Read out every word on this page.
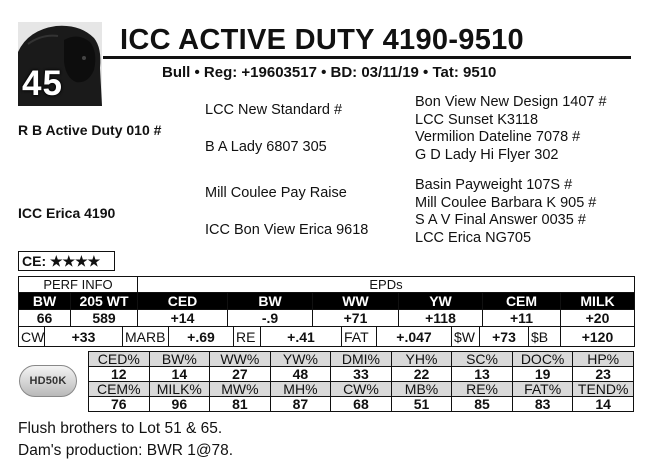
45
ICC ACTIVE DUTY 4190-9510
Bull • Reg: +19603517 • BD: 03/11/19 • Tat: 9510
R B Active Duty 010 #
LCC New Standard #
B A Lady 6807 305
Bon View New Design 1407 #
LCC Sunset K3118
Vermilion Dateline 7078 #
G D Lady Hi Flyer 302
ICC Erica 4190
Mill Coulee Pay Raise
ICC Bon View Erica 9618
Basin Payweight 107S #
Mill Coulee Barbara K 905 #
S A V Final Answer 0035 #
LCC Erica NG705
CE: ★★★★
PERF INFO		EPDs					
BW	205 WT	CED	BW	WW	YW	CEM	MILK
66	589	+14	-.9	+71	+118	+11	+20
CW	+33	MARB	+.69	RE	+.41	FAT	+.047	$W	+73	$B	+120
HD50K
CED%	BW%	WW%	YW%	DMI%	YH%	SC%	DOC%	HP%
12	14	27	48	33	22	13	19	23
CEM%	MILK%	MW%	MH%	CW%	MB%	RE%	FAT%	TEND%
76	96	81	87	68	51	85	83	14
Flush brothers to Lot 51 & 65.
Dam's production: BWR 1@78.
